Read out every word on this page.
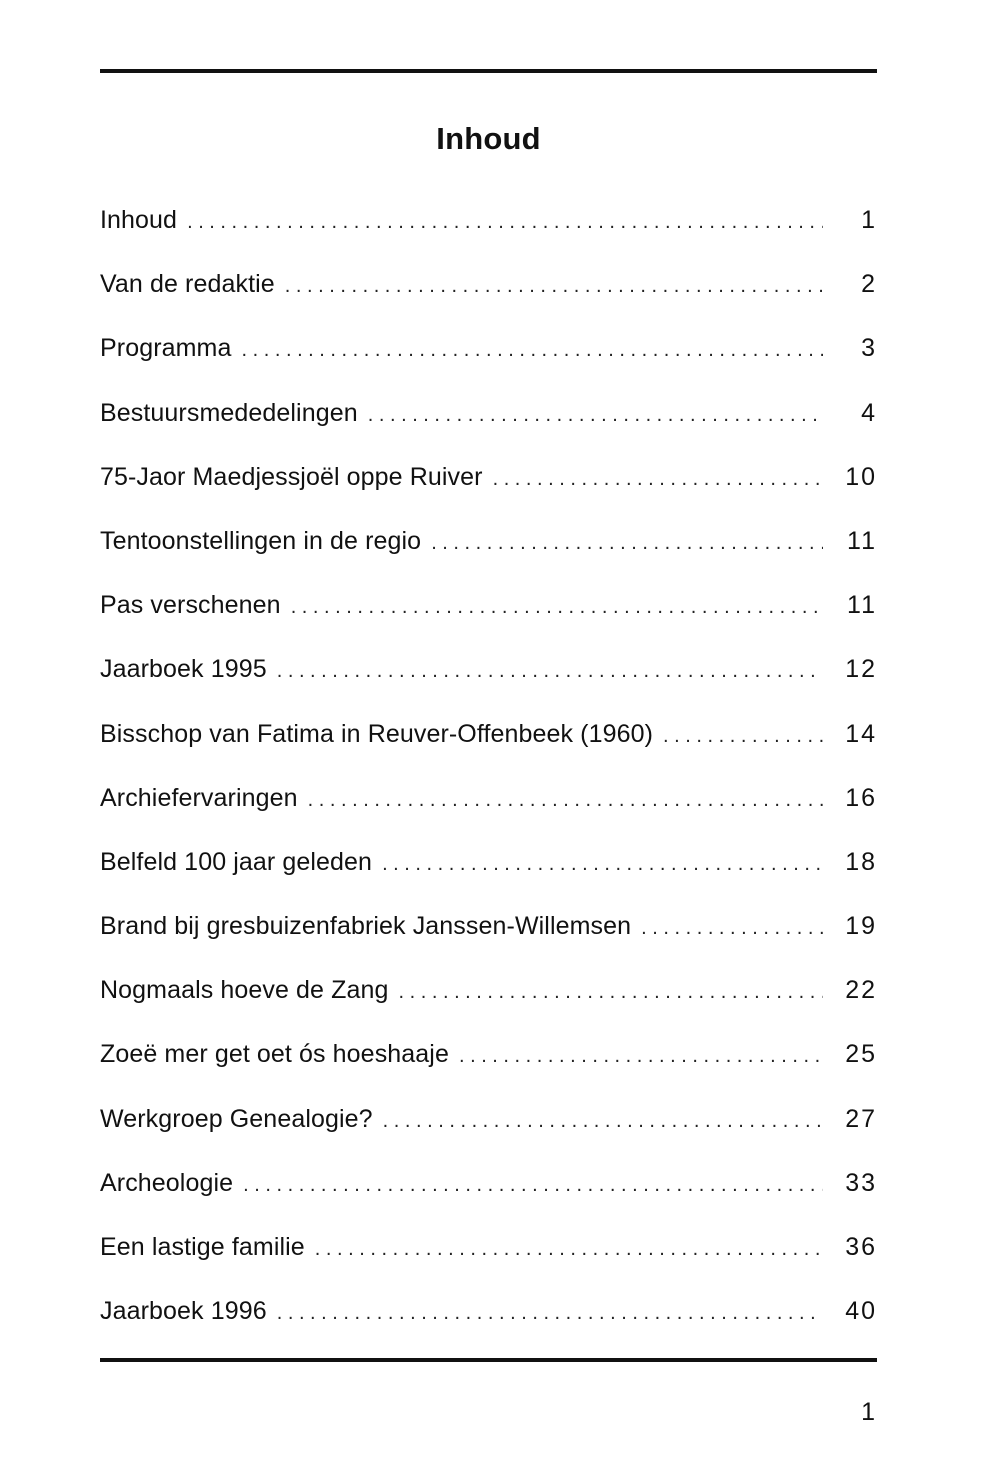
Inhoud
Inhoud . . .	1
Van de redaktie . . .	2
Programma . . .	3
Bestuursmededelingen . . .	4
75-Jaor Maedjessjoël oppe Ruiver . . .	10
Tentoonstellingen in de regio . . .	11
Pas verschenen . . .	11
Jaarboek 1995 . . .	12
Bisschop van Fatima in Reuver-Offenbeek (1960) . . .	14
Archiefervaringen . . .	16
Belfeld 100 jaar geleden . . .	18
Brand bij gresbuizenfabriek Janssen-Willemsen . . .	19
Nogmaals hoeve de Zang . . .	22
Zoeë mer get oet ós hoeshaaje . . .	25
Werkgroep Genealogie? . . .	27
Archeologie . . .	33
Een lastige familie . . .	36
Jaarboek 1996 . . .	40
1
